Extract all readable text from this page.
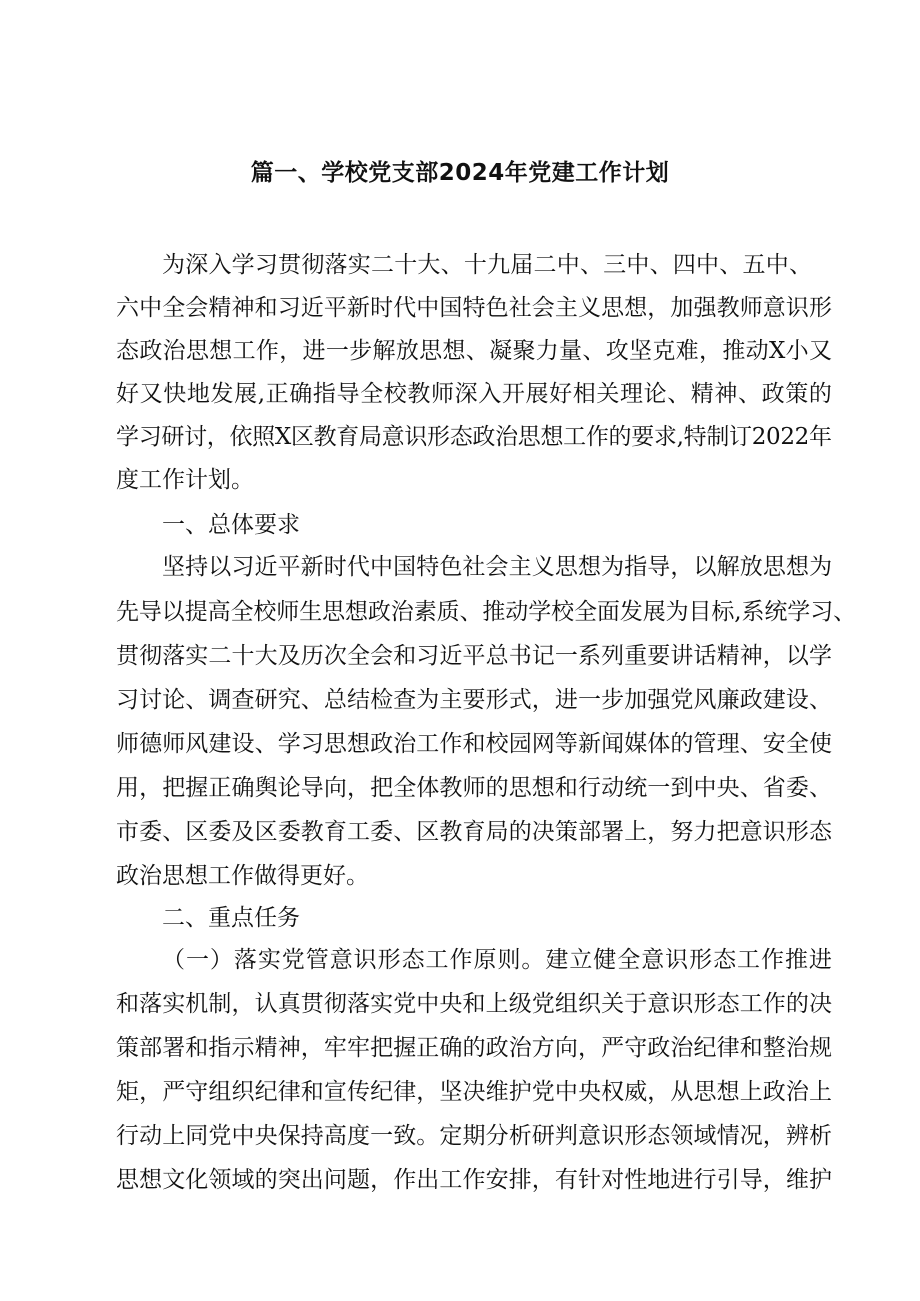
篇一、学校党支部2024年党建工作计划
为深入学习贯彻落实二十大、十九届二中、三中、四中、五中、
六中全会精神和习近平新时代中国特色社会主义思想，加强教师意识形
态政治思想工作，进一步解放思想、凝聚力量、攻坚克难，推动X小又
好又快地发展,正确指导全校教师深入开展好相关理论、精神、政策的
学习研讨，依照X区教育局意识形态政治思想工作的要求,特制订2022年
度工作计划。
一、总体要求
坚持以习近平新时代中国特色社会主义思想为指导，以解放思想为
先导以提高全校师生思想政治素质、推动学校全面发展为目标,系统学习、
贯彻落实二十大及历次全会和习近平总书记一系列重要讲话精神，以学
习讨论、调查研究、总结检查为主要形式，进一步加强党风廉政建设、
师德师风建设、学习思想政治工作和校园网等新闻媒体的管理、安全使
用，把握正确舆论导向，把全体教师的思想和行动统一到中央、省委、
市委、区委及区委教育工委、区教育局的决策部署上，努力把意识形态
政治思想工作做得更好。
二、重点任务
（一）落实党管意识形态工作原则。建立健全意识形态工作推进
和落实机制，认真贯彻落实党中央和上级党组织关于意识形态工作的决
策部署和指示精神，牢牢把握正确的政治方向，严守政治纪律和整治规
矩，严守组织纪律和宣传纪律，坚决维护党中央权威，从思想上政治上
行动上同党中央保持高度一致。定期分析研判意识形态领域情况，辨析
思想文化领域的突出问题，作出工作安排，有针对性地进行引导，维护
